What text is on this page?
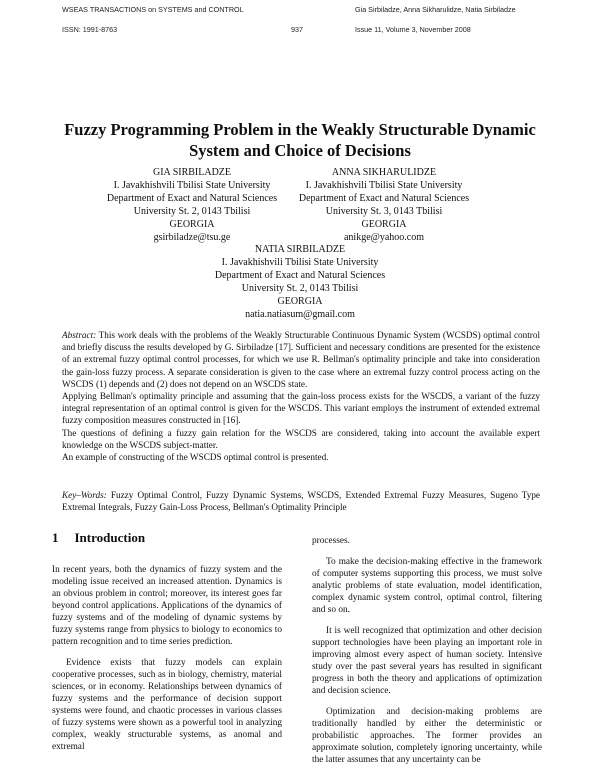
WSEAS TRANSACTIONS on SYSTEMS and CONTROL	Gia Sirbiladze, Anna Sikharulidze, Natia Sirbiladze
ISSN: 1991-8763	937	Issue 11, Volume 3, November 2008
Fuzzy Programming Problem in the Weakly Structurable Dynamic System and Choice of Decisions
GIA SIRBILADZE
I. Javakhishvili Tbilisi State University
Department of Exact and Natural Sciences
University St. 2, 0143 Tbilisi
GEORGIA
gsirbiladze@tsu.ge
ANNA SIKHARULIDZE
I. Javakhishvili Tbilisi State University
Department of Exact and Natural Sciences
University St. 3, 0143 Tbilisi
GEORGIA
anikge@yahoo.com
NATIA SIRBILADZE
I. Javakhishvili Tbilisi State University
Department of Exact and Natural Sciences
University St. 2, 0143 Tbilisi
GEORGIA
natia.natiasum@gmail.com

Abstract: This work deals with the problems of the Weakly Structurable Continuous Dynamic System (WCSDS) optimal control and briefly discuss the results developed by G. Sirbiladze [17]. Sufficient and necessary conditions are presented for the existence of an extremal fuzzy optimal control processes, for which we use R. Bellman's optimality principle and take into consideration the gain-loss fuzzy process. A separate consideration is given to the case where an extremal fuzzy control process acting on the WSCDS (1) depends and (2) does not depend on an WSCDS state.

Applying Bellman's optimality principle and assuming that the gain-loss process exists for the WSCDS, a variant of the fuzzy integral representation of an optimal control is given for the WSCDS. This variant employs the instrument of extended extremal fuzzy composition measures constructed in [16].

The questions of defining a fuzzy gain relation for the WSCDS are considered, taking into account the available expert knowledge on the WSCDS subject-matter.

An example of constructing of the WSCDS optimal control is presented.

Key–Words: Fuzzy Optimal Control, Fuzzy Dynamic Systems, WSCDS, Extended Extremal Fuzzy Measures, Sugeno Type Extremal Integrals, Fuzzy Gain-Loss Process, Bellman's Optimality Principle
1 Introduction

In recent years, both the dynamics of fuzzy system and the modeling issue received an increased attention. Dynamics is an obvious problem in control; moreover, its interest goes far beyond control applications. Applications of the dynamics of fuzzy systems and of the modeling of dynamic systems by fuzzy systems range from physics to biology to economics to pattern recognition and to time series prediction.

Evidence exists that fuzzy models can explain cooperative processes, such as in biology, chemistry, material sciences, or in economy. Relationships between dynamics of fuzzy systems and the performance of decision support systems were found, and chaotic processes in various classes of fuzzy systems were shown as a powerful tool in analyzing complex, weakly structurable systems, as anomal and extremal

processes.

To make the decision-making effective in the framework of computer systems supporting this process, we must solve analytic problems of state evaluation, model identification, complex dynamic system control, optimal control, filtering and so on.

It is well recognized that optimization and other decision support technologies have been playing an important role in improving almost every aspect of human society. Intensive study over the past several years has resulted in significant progress in both the theory and applications of optimization and decision science.

Optimization and decision-making problems are traditionally handled by either the deterministic or probabilistic approaches. The former provides an approximate solution, completely ignoring uncertainty, while the latter assumes that any uncertainty can be
